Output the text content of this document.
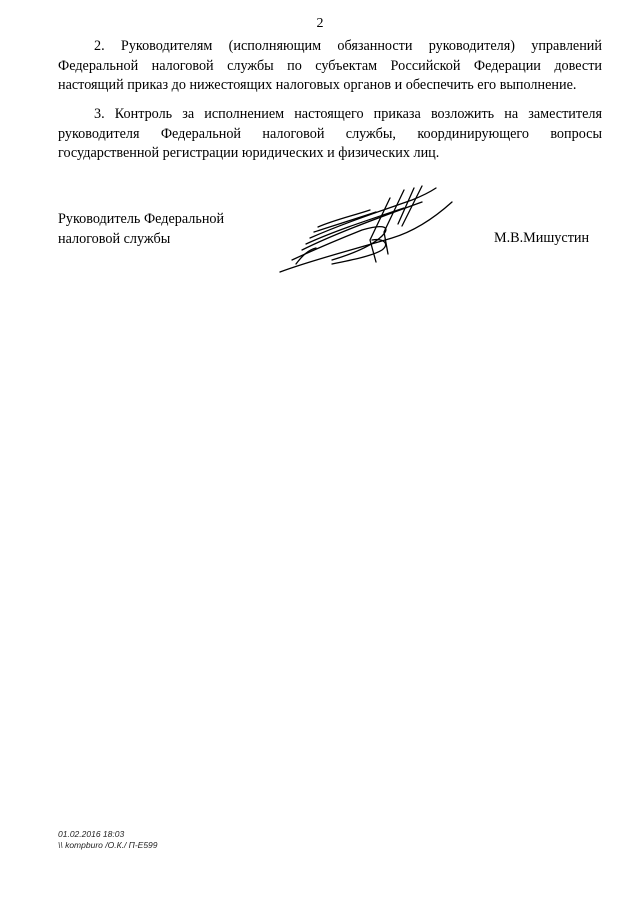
2

2. Руководителям (исполняющим обязанности руководителя) управлений Федеральной налоговой службы по субъектам Российской Федерации довести настоящий приказ до нижестоящих налоговых органов и обеспечить его выполнение.

3. Контроль за исполнением настоящего приказа возложить на заместителя руководителя Федеральной налоговой службы, координирующего вопросы государственной регистрации юридических и физических лиц.

Руководитель Федеральной
налоговой службы	М.В.Мишустин
01.02.2016 18:03
\\ kompburo /О.К./ П-Е599
